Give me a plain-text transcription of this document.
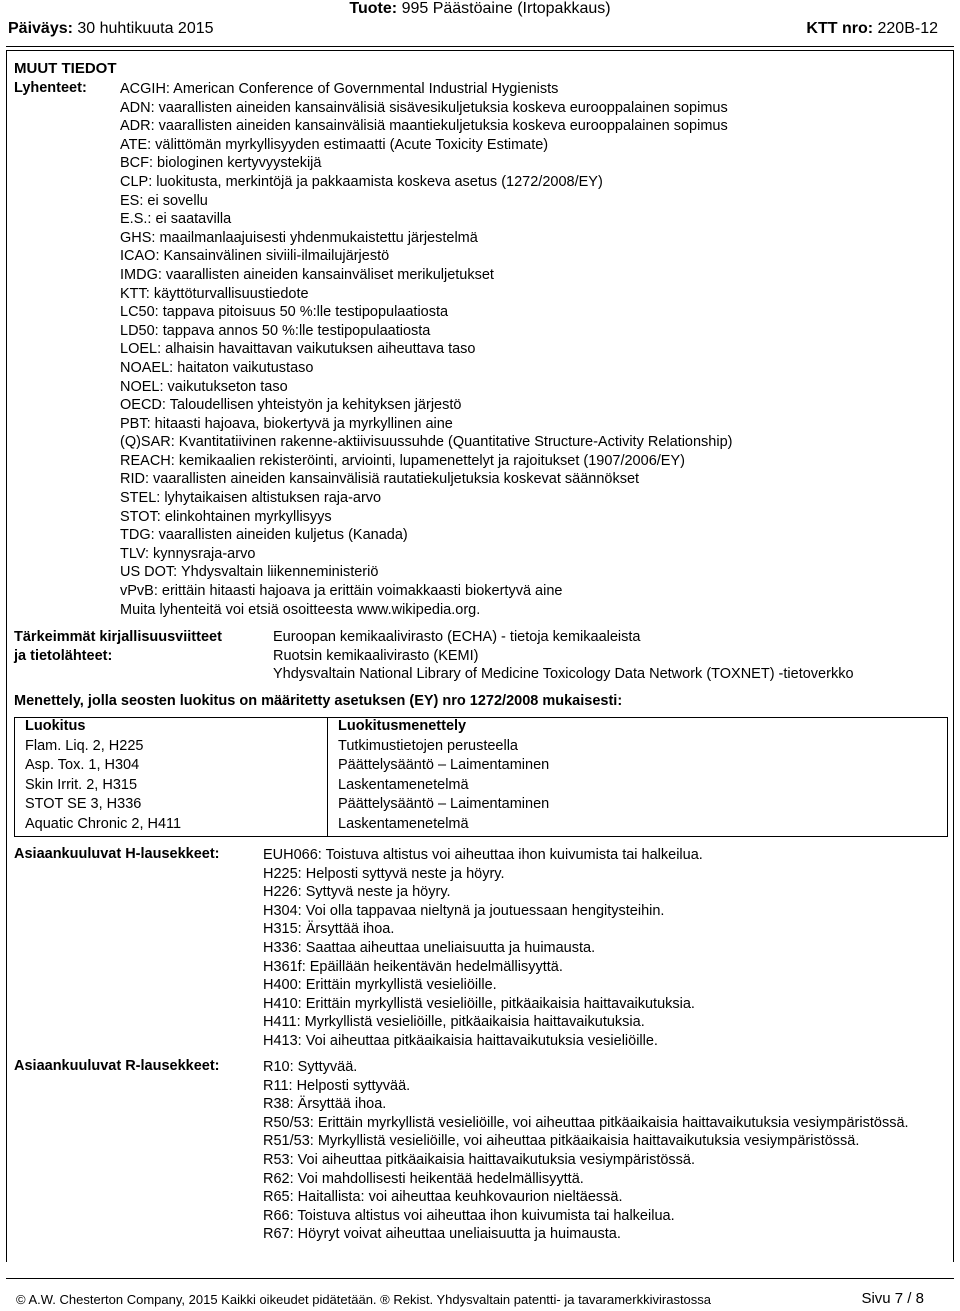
Tuote: 995 Päästöaine (Irtopakkaus)
Päiväys: 30 huhtikuuta 2015	KTT nro: 220B-12
MUUT TIEDOT
Lyhenteet: ACGIH: American Conference of Governmental Industrial Hygienists
ADN: vaarallisten aineiden kansainvälisiä sisävesikuljetuksia koskeva eurooppalainen sopimus
ADR: vaarallisten aineiden kansainvälisiä maantiekuljetuksia koskeva eurooppalainen sopimus
ATE: välittömän myrkyllisyyden estimaatti (Acute Toxicity Estimate)
BCF: biologinen kertyvyystekijä
CLP: luokitusta, merkintöjä ja pakkaamista koskeva asetus (1272/2008/EY)
ES: ei sovellu
E.S.: ei saatavilla
GHS: maailmanlaajuisesti yhdenmukaistettu järjestelmä
ICAO: Kansainvälinen siviili-ilmailujärjestö
IMDG: vaarallisten aineiden kansainväliset merikuljetukset
KTT: käyttöturvallisuustiedote
LC50: tappava pitoisuus 50 %:lle testipopulaatiosta
LD50: tappava annos 50 %:lle testipopulaatiosta
LOEL: alhaisin havaittavan vaikutuksen aiheuttava taso
NOAEL: haitaton vaikutustaso
NOEL: vaikutukseton taso
OECD: Taloudellisen yhteistyön ja kehityksen järjestö
PBT: hitaasti hajoava, biokertyvä ja myrkyllinen aine
(Q)SAR: Kvantitatiivinen rakenne-aktiivisuussuhde (Quantitative Structure-Activity Relationship)
REACH: kemikaalien rekisteröinti, arviointi, lupamenettelyt ja rajoitukset (1907/2006/EY)
RID: vaarallisten aineiden kansainvälisiä rautatiekuljetuksia koskevat säännökset
STEL: lyhytaikaisen altistuksen raja-arvo
STOT: elinkohtainen myrkyllisyys
TDG: vaarallisten aineiden kuljetus (Kanada)
TLV: kynnysraja-arvo
US DOT: Yhdysvaltain liikenneministeriö
vPvB: erittäin hitaasti hajoava ja erittäin voimakkaasti biokertyvä aine
Muita lyhenteitä voi etsiä osoitteesta www.wikipedia.org.
Tärkeimmät kirjallisuusviitteet
ja tietolähteet:
Euroopan kemikaalivirasto (ECHA) - tietoja kemikaaleista
Ruotsin kemikaalivirasto (KEMI)
Yhdysvaltain National Library of Medicine Toxicology Data Network (TOXNET) -tietoverkko
Menettely, jolla seosten luokitus on määritetty asetuksen (EY) nro 1272/2008 mukaisesti:
Luokitus	Luokitusmenettely
Flam. Liq. 2, H225	Tutkimustietojen perusteella
Asp. Tox. 1, H304	Päättelysääntö – Laimentaminen
Skin Irrit. 2, H315	Laskentamenetelmä
STOT SE 3, H336	Päättelysääntö – Laimentaminen
Aquatic Chronic 2, H411	Laskentamenetelmä
Asiaankuuluvat H-lausekkeet:	EUH066: Toistuva altistus voi aiheuttaa ihon kuivumista tai halkeilua.
H225: Helposti syttyvä neste ja höyry.
H226: Syttyvä neste ja höyry.
H304: Voi olla tappavaa nieltynä ja joutuessaan hengitysteihin.
H315: Ärsyttää ihoa.
H336: Saattaa aiheuttaa uneliaisuutta ja huimausta.
H361f: Epäillään heikentävän hedelmällisyyttä.
H400: Erittäin myrkyllistä vesieliöille.
H410: Erittäin myrkyllistä vesieliöille, pitkäaikaisia haittavaikutuksia.
H411: Myrkyllistä vesieliöille, pitkäaikaisia haittavaikutuksia.
H413: Voi aiheuttaa pitkäaikaisia haittavaikutuksia vesieliöille.
Asiaankuuluvat R-lausekkeet:	R10: Syttyvää.
R11: Helposti syttyvää.
R38: Ärsyttää ihoa.
R50/53: Erittäin myrkyllistä vesieliöille, voi aiheuttaa pitkäaikaisia haittavaikutuksia vesiympäristössä.
R51/53: Myrkyllistä vesieliöille, voi aiheuttaa pitkäaikaisia haittavaikutuksia vesiympäristössä.
R53: Voi aiheuttaa pitkäaikaisia haittavaikutuksia vesiympäristössä.
R62: Voi mahdollisesti heikentää hedelmällisyyttä.
R65: Haitallista: voi aiheuttaa keuhkovaurion nieltäessä.
R66: Toistuva altistus voi aiheuttaa ihon kuivumista tai halkeilua.
R67: Höyryt voivat aiheuttaa uneliaisuutta ja huimausta.
© A.W. Chesterton Company, 2015 Kaikki oikeudet pidätetään. ® Rekist. Yhdysvaltain patentti- ja tavaramerkkivirastossa	Sivu 7 / 8
